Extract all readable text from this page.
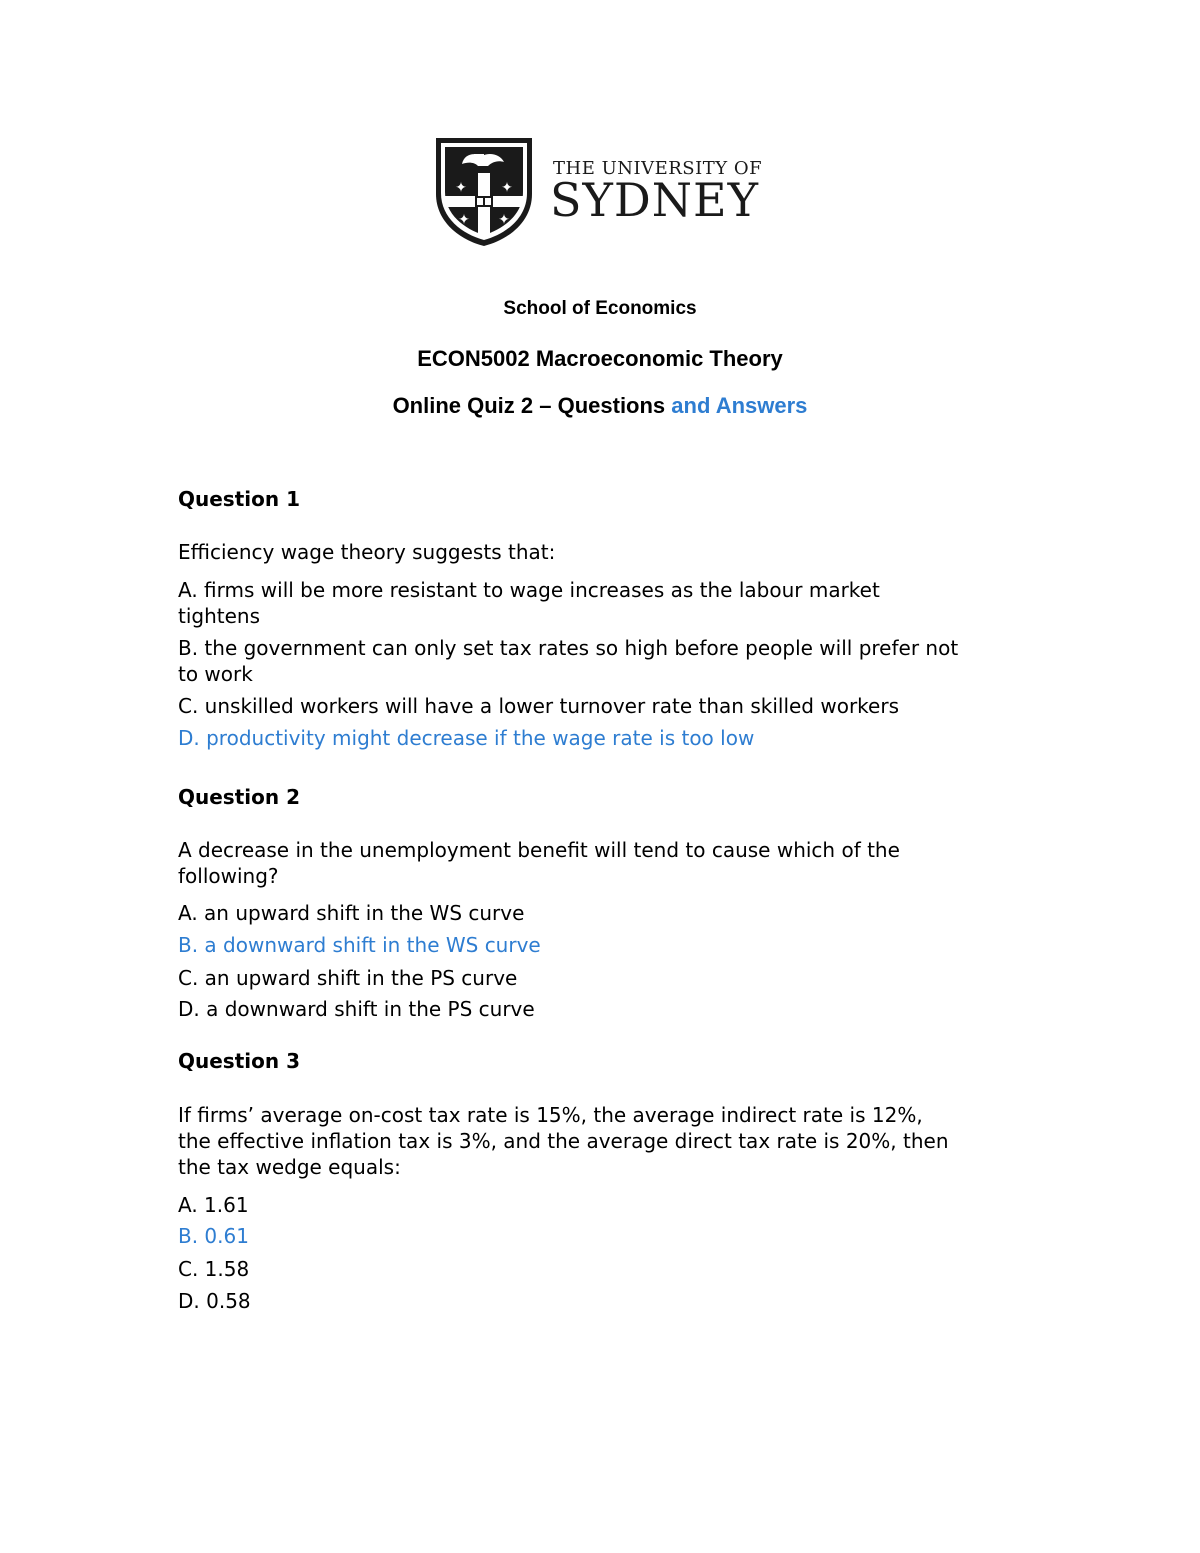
✦ ✦
✦ ✦
THE UNIVERSITY OF
SYDNEY
School of Economics
ECON5002 Macroeconomic Theory
Online Quiz 2 – Questions and Answers
Question 1
Efficiency wage theory suggests that:
A. firms will be more resistant to wage increases as the labour market
tightens
B. the government can only set tax rates so high before people will prefer not
to work
C. unskilled workers will have a lower turnover rate than skilled workers
D. productivity might decrease if the wage rate is too low
Question 2
A decrease in the unemployment benefit will tend to cause which of the
following?
A. an upward shift in the WS curve
B. a downward shift in the WS curve
C. an upward shift in the PS curve
D. a downward shift in the PS curve
Question 3
If firms’ average on-cost tax rate is 15%, the average indirect rate is 12%,
the effective inflation tax is 3%, and the average direct tax rate is 20%, then
the tax wedge equals:
A. 1.61
B. 0.61
C. 1.58
D. 0.58
